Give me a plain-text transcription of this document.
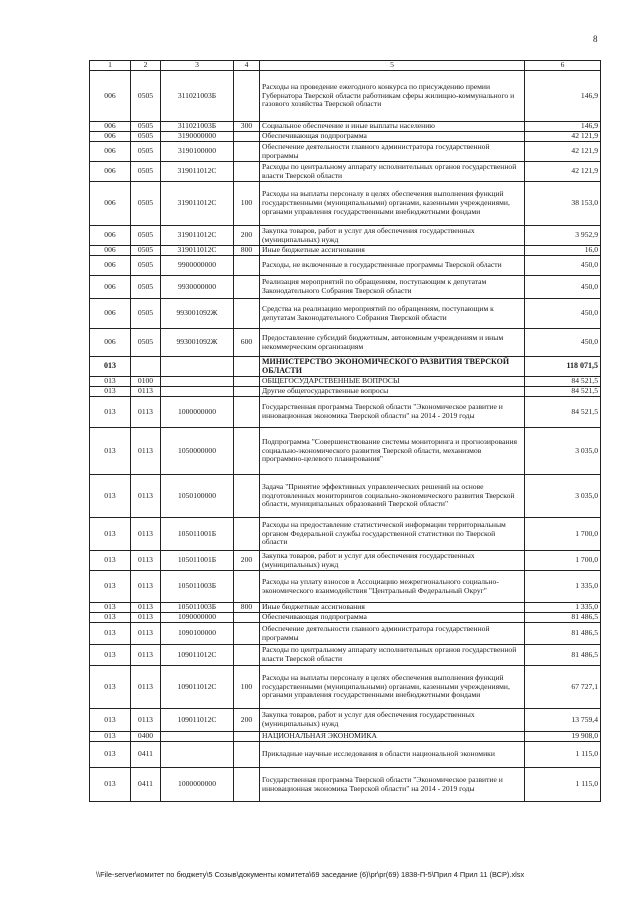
8
1	2	3	4	5	6
006	0505	311021003Б		Расходы на проведение ежегодного конкурса по присуждению премии Губернатора Тверской области работникам сферы жилищно-коммунального и газового хозяйства Тверской области	146,9
006	0505	311021003Б	300	Социальное обеспечение и иные выплаты населению	146,9
006	0505	3190000000		Обеспечивающая подпрограмма	42 121,9
006	0505	3190100000		Обеспечение деятельности главного администратора государственной программы	42 121,9
006	0505	319011012С		Расходы по центральному аппарату исполнительных органов государственной власти Тверской области	42 121,9
006	0505	319011012С	100	Расходы на выплаты персоналу в целях обеспечения выполнения функций государственными (муниципальными) органами, казенными учреждениями, органами управления государственными внебюджетными фондами	38 153,0
006	0505	319011012С	200	Закупка товаров, работ и услуг для обеспечения государственных (муниципальных) нужд	3 952,9
006	0505	319011012С	800	Иные бюджетные ассигнования	16,0
006	0505	9900000000		Расходы, не включенные в государственные программы Тверской области	450,0
006	0505	9930000000		Реализация мероприятий по обращениям, поступающим к депутатам Законодательного Собрания Тверской области	450,0
006	0505	993001092Ж		Средства на реализацию мероприятий по обращениям, поступающим к депутатам Законодательного Собрания Тверской области	450,0
006	0505	993001092Ж	600	Предоставление субсидий бюджетным, автономным учреждениям и иным некоммерческим организациям	450,0
013				МИНИСТЕРСТВО ЭКОНОМИЧЕСКОГО РАЗВИТИЯ ТВЕРСКОЙ ОБЛАСТИ	118 071,5
013	0100			ОБЩЕГОСУДАРСТВЕННЫЕ ВОПРОСЫ	84 521,5
013	0113			Другие общегосударственные вопросы	84 521,5
013	0113	1000000000		Государственная программа Тверской области "Экономическое развитие и инновационная экономика Тверской области" на 2014 - 2019 годы	84 521,5
013	0113	1050000000		Подпрограмма "Совершенствование системы мониторинга и прогнозирования социально-экономического развития Тверской области, механизмов программно-целевого планирования"	3 035,0
013	0113	1050100000		Задача "Принятие эффективных управленческих решений на основе подготовленных мониторингов социально-экономического развития Тверской области, муниципальных образований Тверской области"	3 035,0
013	0113	105011001Б		Расходы на предоставление статистической информации территориальным органом Федеральной службы государственной статистики по Тверской области	1 700,0
013	0113	105011001Б	200	Закупка товаров, работ и услуг для обеспечения государственных (муниципальных) нужд	1 700,0
013	0113	105011003Б		Расходы на уплату взносов в Ассоциацию межрегионального социально-экономического взаимодействия "Центральный Федеральный Округ"	1 335,0
013	0113	105011003Б	800	Иные бюджетные ассигнования	1 335,0
013	0113	1090000000		Обеспечивающая подпрограмма	81 486,5
013	0113	1090100000		Обеспечение деятельности главного администратора государственной программы	81 486,5
013	0113	109011012С		Расходы по центральному аппарату исполнительных органов государственной власти Тверской области	81 486,5
013	0113	109011012С	100	Расходы на выплаты персоналу в целях обеспечения выполнения функций государственными (муниципальными) органами, казенными учреждениями, органами управления государственными внебюджетными фондами	67 727,1
013	0113	109011012С	200	Закупка товаров, работ и услуг для обеспечения государственных (муниципальных) нужд	13 759,4
013	0400			НАЦИОНАЛЬНАЯ ЭКОНОМИКА	19 908,0
013	0411			Прикладные научные исследования в области национальной экономики	1 115,0
013	0411	1000000000		Государственная программа Тверской области "Экономическое развитие и инновационная экономика Тверской области" на 2014 - 2019 годы	1 115,0
\\File-server\комитет по бюджету\5 Созыв\документы комитета\69 заседание (6)\pr\pr(69) 1838-П-5\Прил 4 Прил 11 (ВСР).xlsx
